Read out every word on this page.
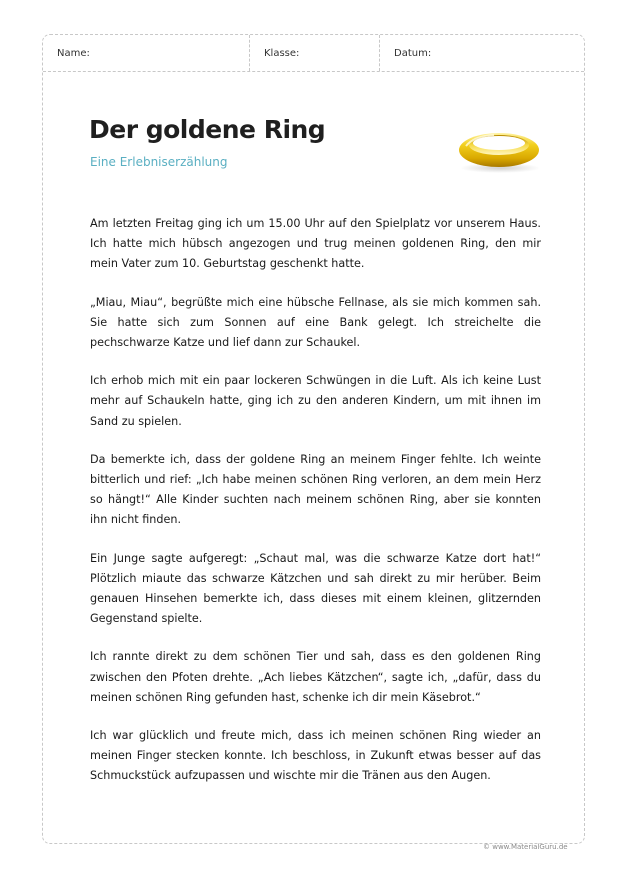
Name:	Klasse:	Datum:
Der goldene Ring
Eine Erlebniserzählung

Am letzten Freitag ging ich um 15.00 Uhr auf den Spielplatz vor unserem Haus. Ich hatte mich hübsch angezogen und trug meinen goldenen Ring, den mir mein Vater zum 10. Geburtstag geschenkt hatte.

„Miau, Miau“, begrüßte mich eine hübsche Fellnase, als sie mich kommen sah. Sie hatte sich zum Sonnen auf eine Bank gelegt. Ich streichelte die pechschwarze Katze und lief dann zur Schaukel.

Ich erhob mich mit ein paar lockeren Schwüngen in die Luft. Als ich keine Lust mehr auf Schaukeln hatte, ging ich zu den anderen Kindern, um mit ihnen im Sand zu spielen.

Da bemerkte ich, dass der goldene Ring an meinem Finger fehlte. Ich weinte bitterlich und rief: „Ich habe meinen schönen Ring verloren, an dem mein Herz so hängt!“ Alle Kinder suchten nach meinem schönen Ring, aber sie konnten ihn nicht finden.

Ein Junge sagte aufgeregt: „Schaut mal, was die schwarze Katze dort hat!“ Plötzlich miaute das schwarze Kätzchen und sah direkt zu mir herüber. Beim genauen Hinsehen bemerkte ich, dass dieses mit einem kleinen, glitzernden Gegenstand spielte.

Ich rannte direkt zu dem schönen Tier und sah, dass es den goldenen Ring zwischen den Pfoten drehte. „Ach liebes Kätzchen“, sagte ich, „dafür, dass du meinen schönen Ring gefunden hast, schenke ich dir mein Käsebrot.“

Ich war glücklich und freute mich, dass ich meinen schönen Ring wieder an meinen Finger stecken konnte. Ich beschloss, in Zukunft etwas besser auf das Schmuckstück aufzupassen und wischte mir die Tränen aus den Augen.

© www.MaterialGuru.de
